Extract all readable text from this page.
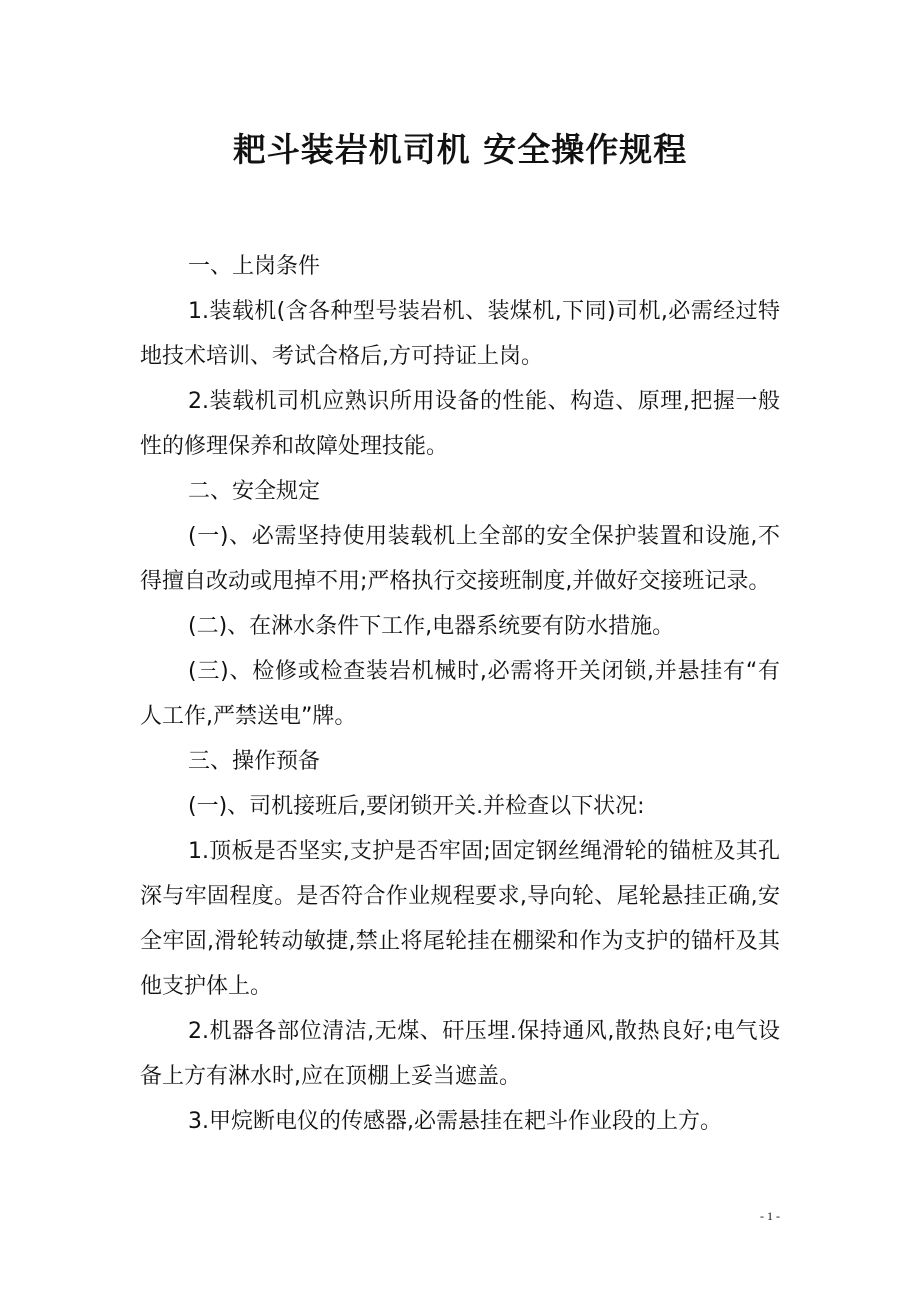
耙斗装岩机司机 安全操作规程

一、上岗条件

1.装载机(含各种型号装岩机、装煤机,下同)司机,必需经过特地技术培训、考试合格后,方可持证上岗。

2.装载机司机应熟识所用设备的性能、构造、原理,把握一般性的修理保养和故障处理技能。

二、安全规定

(一)、必需坚持使用装载机上全部的安全保护装置和设施,不得擅自改动或甩掉不用;严格执行交接班制度,并做好交接班记录。

(二)、在淋水条件下工作,电器系统要有防水措施。

(三)、检修或检查装岩机械时,必需将开关闭锁,并悬挂有“有人工作,严禁送电”牌。

三、操作预备

(一)、司机接班后,要闭锁开关.并检查以下状况:

1.顶板是否坚实,支护是否牢固;固定钢丝绳滑轮的锚桩及其孔深与牢固程度。是否符合作业规程要求,导向轮、尾轮悬挂正确,安全牢固,滑轮转动敏捷,禁止将尾轮挂在棚梁和作为支护的锚杆及其他支护体上。

2.机器各部位清洁,无煤、矸压埋.保持通风,散热良好;电气设备上方有淋水时,应在顶棚上妥当遮盖。

3.甲烷断电仪的传感器,必需悬挂在耙斗作业段的上方。

- 1 -
